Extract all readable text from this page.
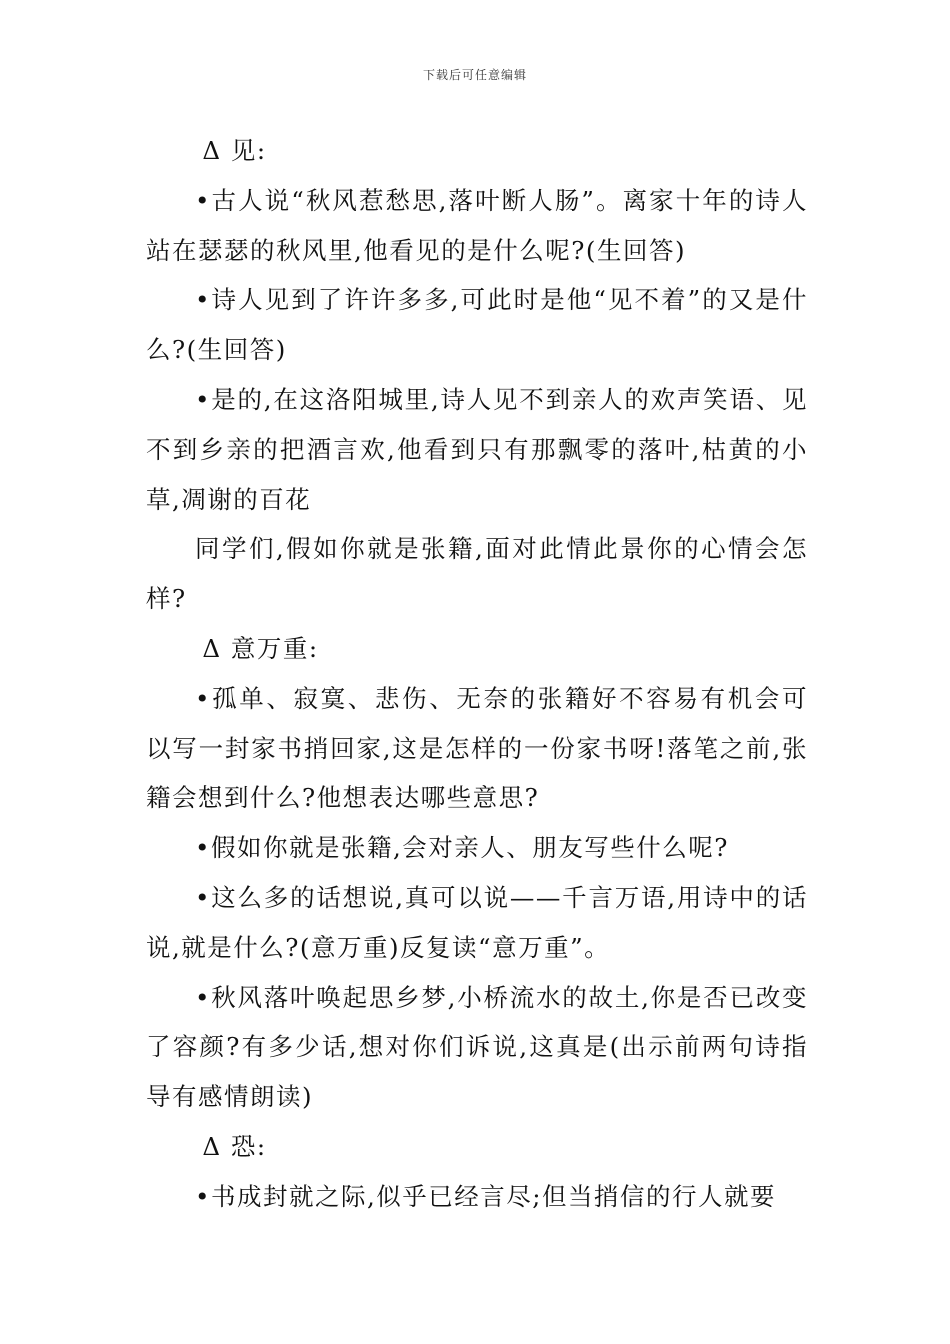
下载后可任意编辑

Δ 见:

•古人说“秋风惹愁思,落叶断人肠”。离家十年的诗人站在瑟瑟的秋风里,他看见的是什么呢?(生回答)

•诗人见到了许许多多,可此时是他“见不着”的又是什么?(生回答)

•是的,在这洛阳城里,诗人见不到亲人的欢声笑语、见不到乡亲的把酒言欢,他看到只有那飘零的落叶,枯黄的小草,凋谢的百花

同学们,假如你就是张籍,面对此情此景你的心情会怎样?

Δ 意万重:

•孤单、寂寞、悲伤、无奈的张籍好不容易有机会可以写一封家书捎回家,这是怎样的一份家书呀!落笔之前,张籍会想到什么?他想表达哪些意思?

•假如你就是张籍,会对亲人、朋友写些什么呢?

•这么多的话想说,真可以说——千言万语,用诗中的话说,就是什么?(意万重)反复读“意万重”。

•秋风落叶唤起思乡梦,小桥流水的故土,你是否已改变了容颜?有多少话,想对你们诉说,这真是(出示前两句诗指导有感情朗读)

Δ 恐:

•书成封就之际,似乎已经言尽;但当捎信的行人就要
